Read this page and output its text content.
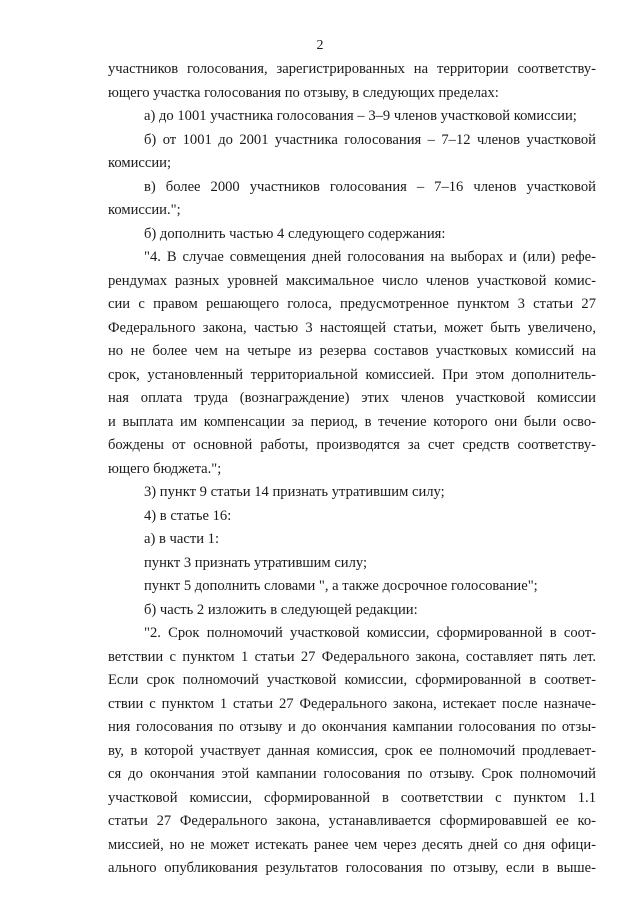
2
участников голосования, зарегистрированных на территории соответству-
ющего участка голосования по отзыву, в следующих пределах:
а) до 1001 участника голосования – 3–9 членов участковой комиссии;
б) от 1001 до 2001 участника голосования – 7–12 членов участковой
комиссии;
в) более 2000 участников голосования – 7–16 членов участковой
комиссии.";
б) дополнить частью 4 следующего содержания:
"4. В случае совмещения дней голосования на выборах и (или) рефе-
рендумах разных уровней максимальное число членов участковой комис-
сии с правом решающего голоса, предусмотренное пунктом 3 статьи 27
Федерального закона, частью 3 настоящей статьи, может быть увеличено,
но не более чем на четыре из резерва составов участковых комиссий на
срок, установленный территориальной комиссией. При этом дополнитель-
ная оплата труда (вознаграждение) этих членов участковой комиссии
и выплата им компенсации за период, в течение которого они были осво-
бождены от основной работы, производятся за счет средств соответству-
ющего бюджета.";
3) пункт 9 статьи 14 признать утратившим силу;
4) в статье 16:
а) в части 1:
пункт 3 признать утратившим силу;
пункт 5 дополнить словами ", а также досрочное голосование";
б) часть 2 изложить в следующей редакции:
"2. Срок полномочий участковой комиссии, сформированной в соот-
ветствии с пунктом 1 статьи 27 Федерального закона, составляет пять лет.
Если срок полномочий участковой комиссии, сформированной в соответ-
ствии с пунктом 1 статьи 27 Федерального закона, истекает после назначе-
ния голосования по отзыву и до окончания кампании голосования по отзы-
ву, в которой участвует данная комиссия, срок ее полномочий продлевает-
ся до окончания этой кампании голосования по отзыву. Срок полномочий
участковой комиссии, сформированной в соответствии с пунктом 1.1
статьи 27 Федерального закона, устанавливается сформировавшей ее ко-
миссией, но не может истекать ранее чем через десять дней со дня офици-
ального опубликования результатов голосования по отзыву, если в выше-
